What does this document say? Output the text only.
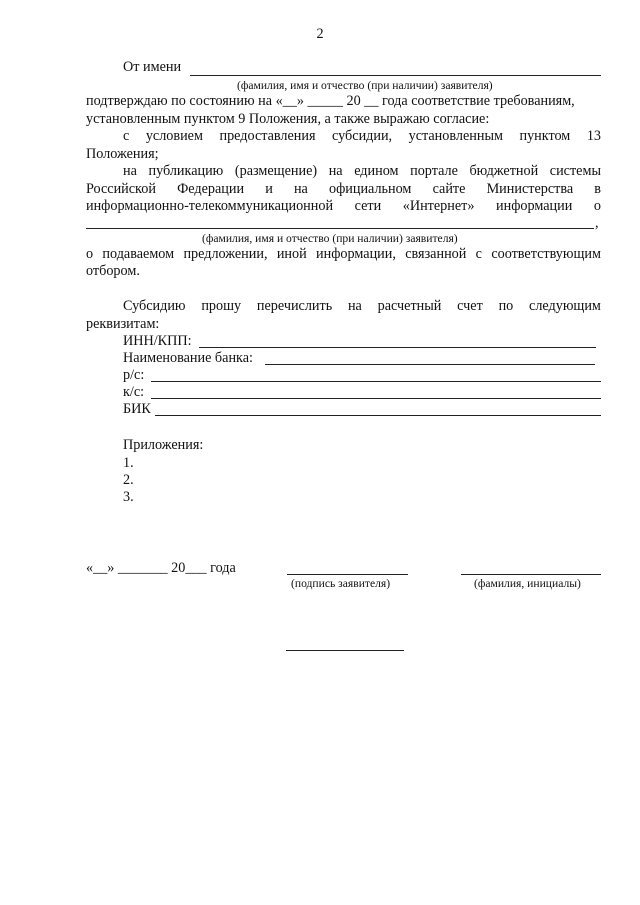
2
От имени
(фамилия, имя и отчество (при наличии) заявителя)
подтверждаю по состоянию на «__» _____ 20 __ года соответствие требованиям,
установленным пунктом 9 Положения, а также выражаю согласие:
с условием предоставления субсидии, установленным пунктом 13
Положения;
на публикацию (размещение) на едином портале бюджетной системы
Российской Федерации и на официальном сайте Министерства в
информационно-телекоммуникационной сети «Интернет» информации о
,
(фамилия, имя и отчество (при наличии) заявителя)
о подаваемом предложении, иной информации, связанной с соответствующим
отбором.
Субсидию прошу перечислить на расчетный счет по следующим
реквизитам:
ИНН/КПП:
Наименование банка:
р/с:
к/с:
БИК
Приложения:
1.
2.
3.
«__» _______ 20___ года
(подпись заявителя)	(фамилия, инициалы)
